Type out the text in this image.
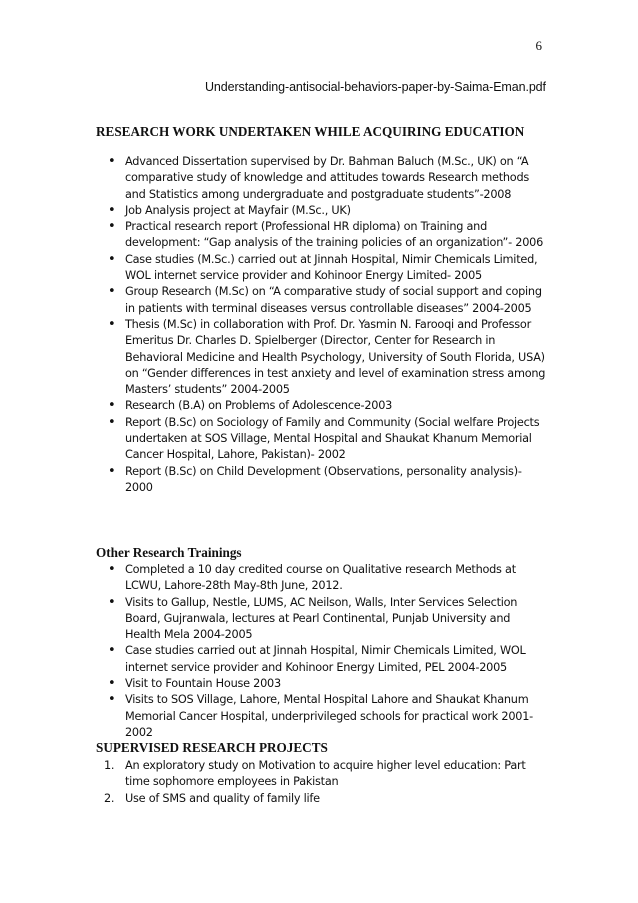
6
Understanding-antisocial-behaviors-paper-by-Saima-Eman.pdf
RESEARCH WORK UNDERTAKEN WHILE ACQUIRING EDUCATION
• Advanced Dissertation supervised by Dr. Bahman Baluch (M.Sc., UK) on “A comparative study of knowledge and attitudes towards Research methods and Statistics among undergraduate and postgraduate students”-2008
• Job Analysis project at Mayfair (M.Sc., UK)
• Practical research report (Professional HR diploma) on Training and development: “Gap analysis of the training policies of an organization”- 2006
• Case studies (M.Sc.) carried out at Jinnah Hospital, Nimir Chemicals Limited, WOL internet service provider and Kohinoor Energy Limited- 2005
• Group Research (M.Sc) on “A comparative study of social support and coping in patients with terminal diseases versus controllable diseases” 2004-2005
• Thesis (M.Sc) in collaboration with Prof. Dr. Yasmin N. Farooqi and Professor Emeritus Dr. Charles D. Spielberger (Director, Center for Research in Behavioral Medicine and Health Psychology, University of South Florida, USA) on “Gender differences in test anxiety and level of examination stress among Masters’ students” 2004-2005
• Research (B.A) on Problems of Adolescence-2003
• Report (B.Sc) on Sociology of Family and Community (Social welfare Projects undertaken at SOS Village, Mental Hospital and Shaukat Khanum Memorial Cancer Hospital, Lahore, Pakistan)- 2002
• Report (B.Sc) on Child Development (Observations, personality analysis)- 2000
Other Research Trainings
• Completed a 10 day credited course on Qualitative research Methods at LCWU, Lahore-28th May-8th June, 2012.
• Visits to Gallup, Nestle, LUMS, AC Neilson, Walls, Inter Services Selection Board, Gujranwala, lectures at Pearl Continental, Punjab University and Health Mela 2004-2005
• Case studies carried out at Jinnah Hospital, Nimir Chemicals Limited, WOL internet service provider and Kohinoor Energy Limited, PEL 2004-2005
• Visit to Fountain House 2003
• Visits to SOS Village, Lahore, Mental Hospital Lahore and Shaukat Khanum Memorial Cancer Hospital, underprivileged schools for practical work 2001-2002
SUPERVISED RESEARCH PROJECTS
1. An exploratory study on Motivation to acquire higher level education: Part time sophomore employees in Pakistan
2. Use of SMS and quality of family life
